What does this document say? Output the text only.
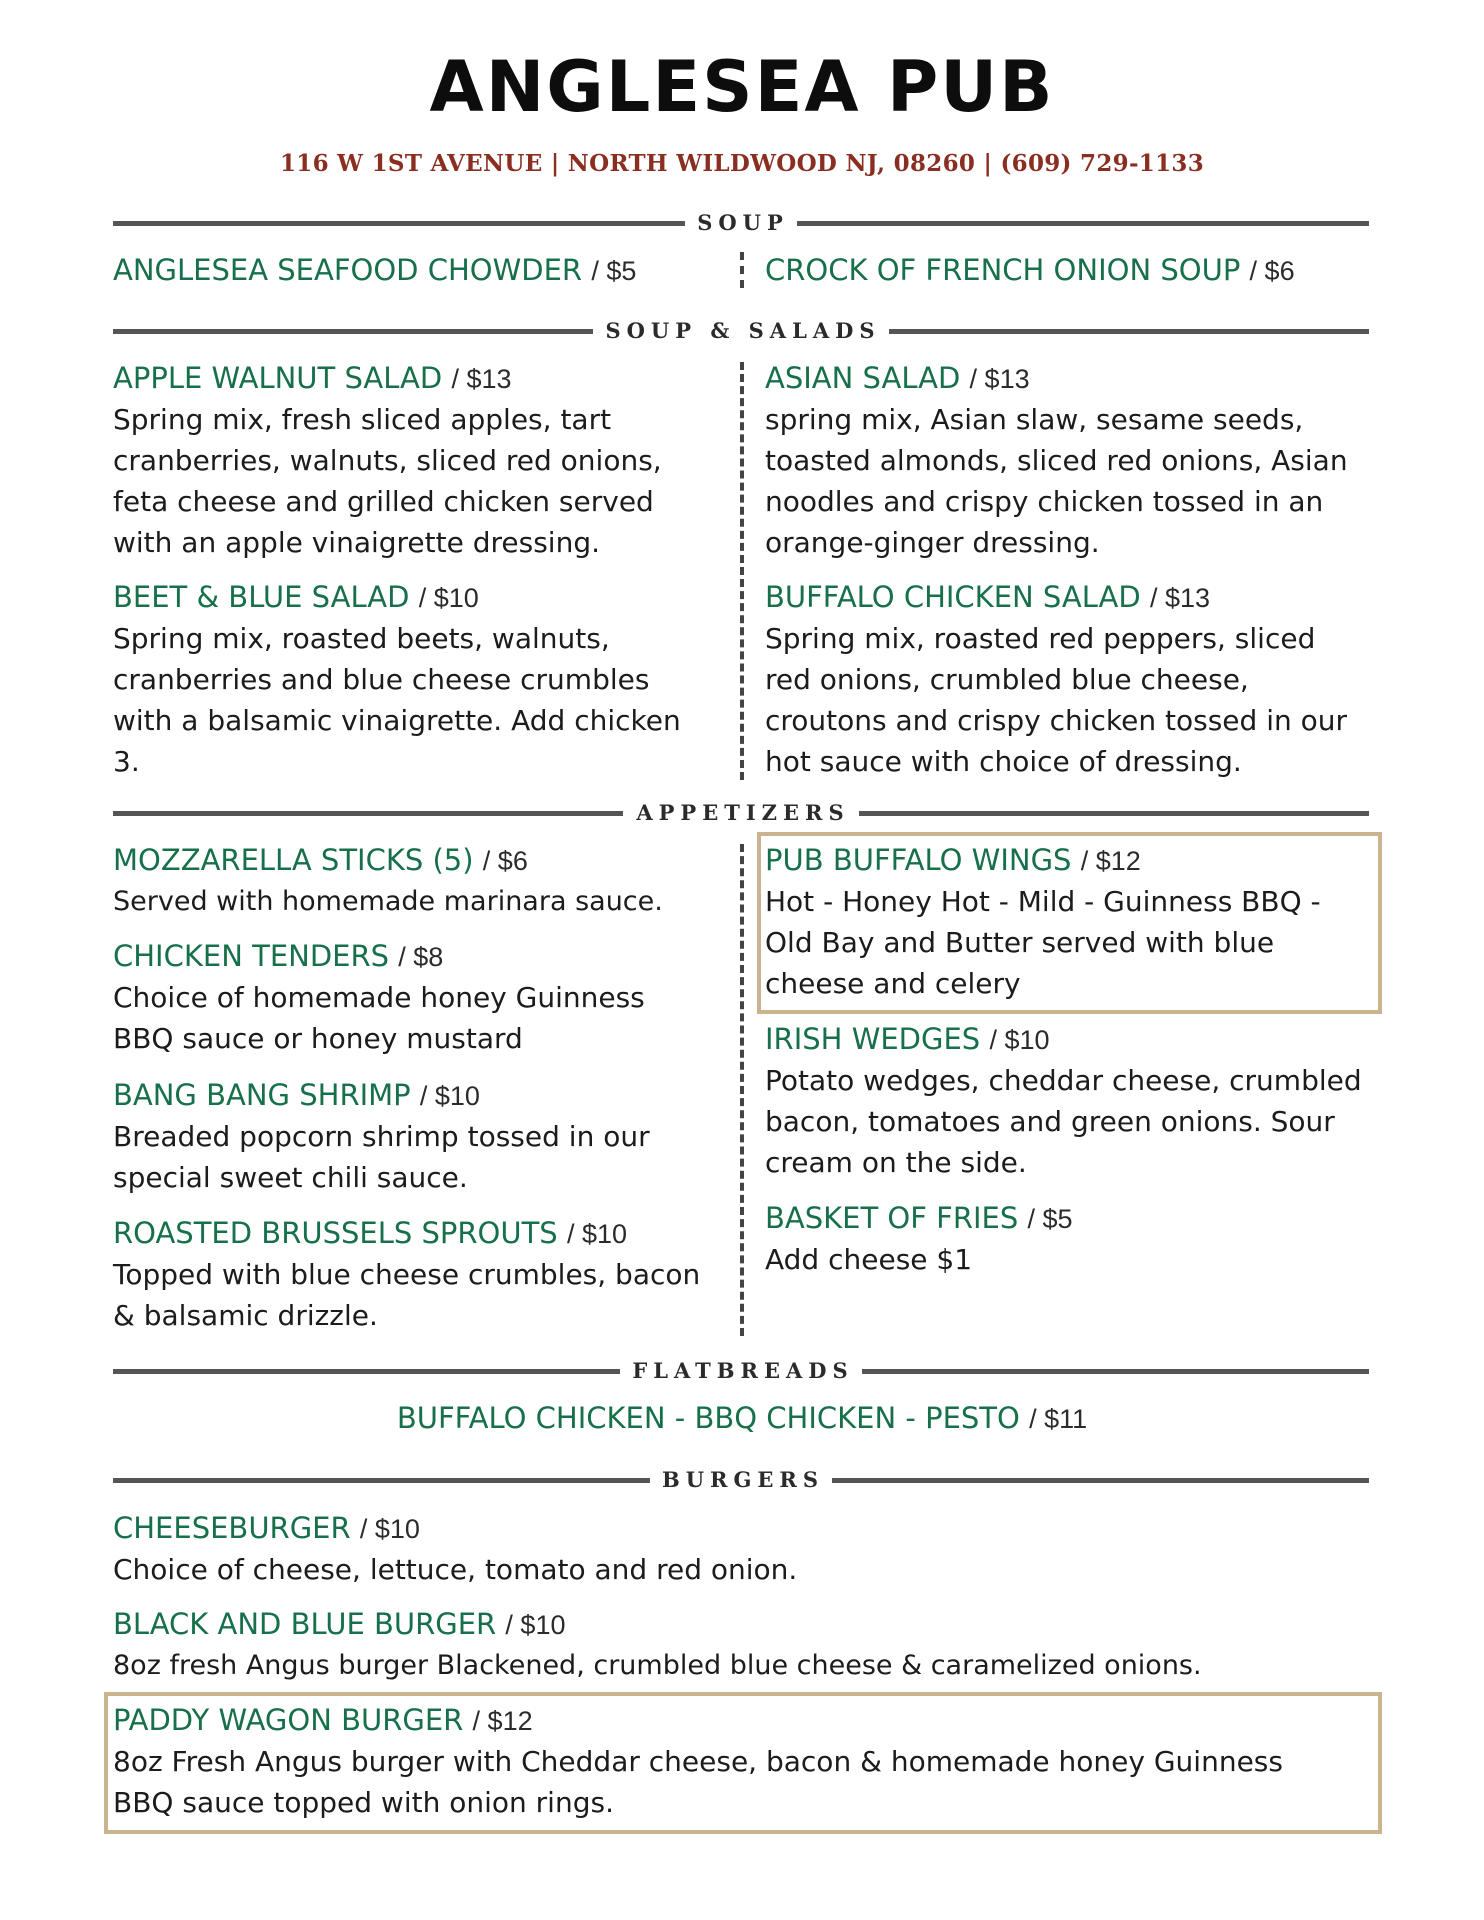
ANGLESEA PUB
116 W 1ST AVENUE | NORTH WILDWOOD NJ, 08260 | (609) 729-1133
SOUP
ANGLESEA SEAFOOD CHOWDER / $5	CROCK OF FRENCH ONION SOUP / $6
SOUP & SALADS
APPLE WALNUT SALAD / $13
Spring mix, fresh sliced apples, tart cranberries, walnuts, sliced red onions, feta cheese and grilled chicken served with an apple vinaigrette dressing.
ASIAN SALAD / $13
spring mix, Asian slaw, sesame seeds, toasted almonds, sliced red onions, Asian noodles and crispy chicken tossed in an orange-ginger dressing.
BEET & BLUE SALAD / $10
Spring mix, roasted beets, walnuts, cranberries and blue cheese crumbles with a balsamic vinaigrette. Add chicken 3.
BUFFALO CHICKEN SALAD / $13
Spring mix, roasted red peppers, sliced red onions, crumbled blue cheese, croutons and crispy chicken tossed in our hot sauce with choice of dressing.
APPETIZERS
MOZZARELLA STICKS (5) / $6
Served with homemade marinara sauce.
CHICKEN TENDERS / $8
Choice of homemade honey Guinness BBQ sauce or honey mustard
BANG BANG SHRIMP / $10
Breaded popcorn shrimp tossed in our special sweet chili sauce.
ROASTED BRUSSELS SPROUTS / $10
Topped with blue cheese crumbles, bacon & balsamic drizzle.
PUB BUFFALO WINGS / $12
Hot - Honey Hot - Mild - Guinness BBQ - Old Bay and Butter served with blue cheese and celery
IRISH WEDGES / $10
Potato wedges, cheddar cheese, crumbled bacon, tomatoes and green onions. Sour cream on the side.
BASKET OF FRIES / $5
Add cheese $1
FLATBREADS
BUFFALO CHICKEN - BBQ CHICKEN - PESTO / $11
BURGERS
CHEESEBURGER / $10
Choice of cheese, lettuce, tomato and red onion.
BLACK AND BLUE BURGER / $10
8oz fresh Angus burger Blackened, crumbled blue cheese & caramelized onions.
PADDY WAGON BURGER / $12
8oz Fresh Angus burger with Cheddar cheese, bacon & homemade honey Guinness BBQ sauce topped with onion rings.
